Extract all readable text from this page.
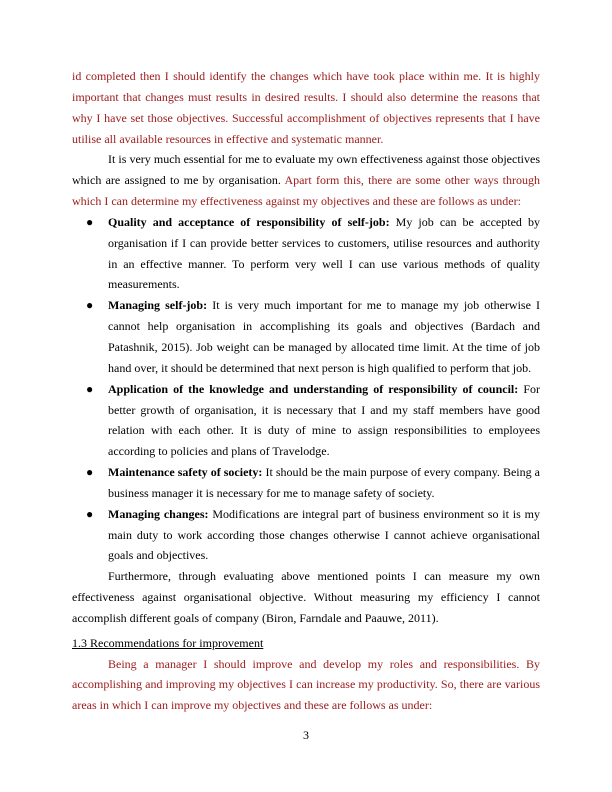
id completed then I should identify the changes which have took place within me. It is highly important that changes must results in desired results. I should also determine the reasons that why I have set those objectives. Successful accomplishment of objectives represents that I have utilise all available resources in effective and systematic manner.

It is very much essential for me to evaluate my own effectiveness against those objectives which are assigned to me by organisation. Apart form this, there are some other ways through which I can determine my effectiveness against my objectives and these are follows as under:

● Quality and acceptance of responsibility of self-job: My job can be accepted by organisation if I can provide better services to customers, utilise resources and authority in an effective manner. To perform very well I can use various methods of quality measurements.
● Managing self-job: It is very much important for me to manage my job otherwise I cannot help organisation in accomplishing its goals and objectives (Bardach and Patashnik, 2015). Job weight can be managed by allocated time limit. At the time of job hand over, it should be determined that next person is high qualified to perform that job.
● Application of the knowledge and understanding of responsibility of council: For better growth of organisation, it is necessary that I and my staff members have good relation with each other. It is duty of mine to assign responsibilities to employees according to policies and plans of Travelodge.
● Maintenance safety of society: It should be the main purpose of every company. Being a business manager it is necessary for me to manage safety of society.
● Managing changes: Modifications are integral part of business environment so it is my main duty to work according those changes otherwise I cannot achieve organisational goals and objectives.

Furthermore, through evaluating above mentioned points I can measure my own effectiveness against organisational objective. Without measuring my efficiency I cannot accomplish different goals of company (Biron, Farndale and Paauwe, 2011).

1.3 Recommendations for improvement

Being a manager I should improve and develop my roles and responsibilities. By accomplishing and improving my objectives I can increase my productivity. So, there are various areas in which I can improve my objectives and these are follows as under:

3
